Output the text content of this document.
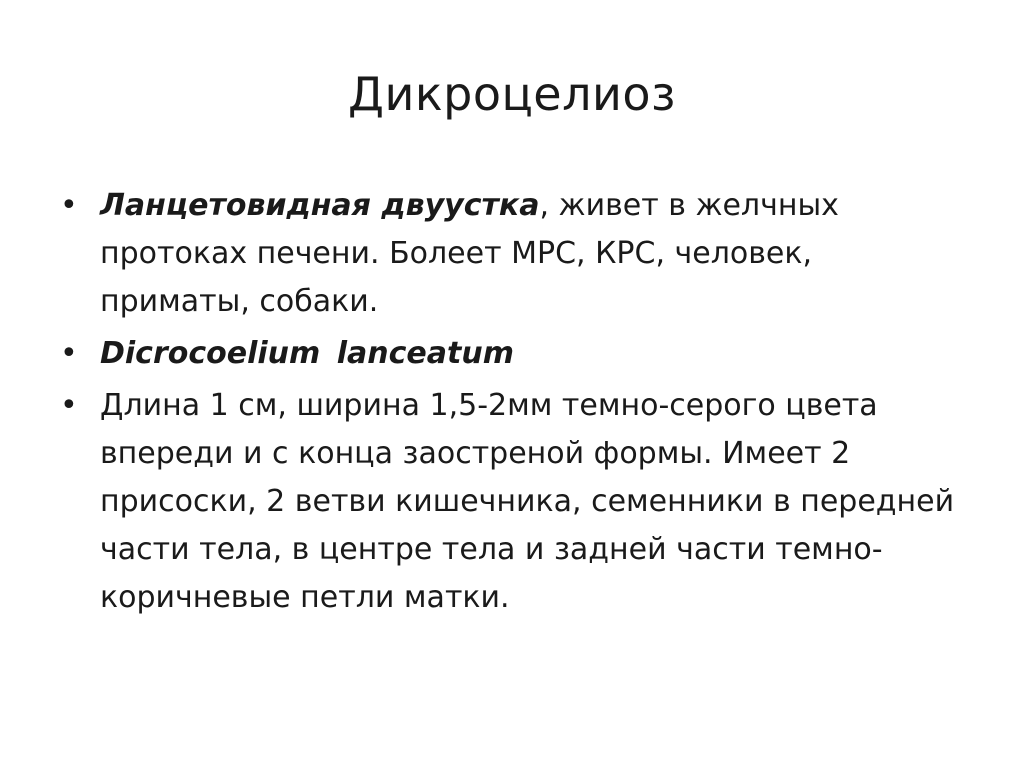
Дикроцелиоз
• Ланцетовидная двуустка, живет в желчных протоках печени. Болеет МРС, КРС, человек, приматы, собаки.
• Dicrocoelium lanceatum
• Длина 1 см, ширина 1,5-2мм темно-серого цвета впереди и с конца заостреной формы. Имеет 2 присоски, 2 ветви кишечника, семенники в передней части тела, в центре тела и задней части темно-коричневые петли матки.
